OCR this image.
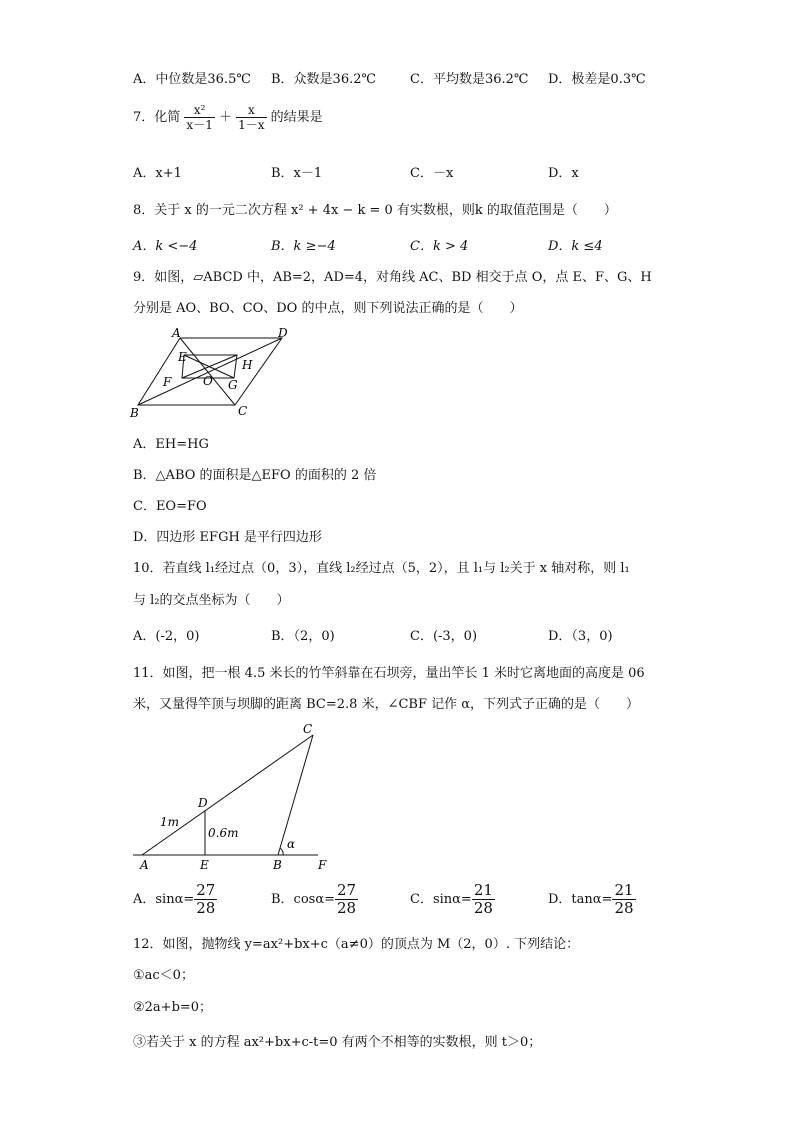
A．中位数是36.5℃ B．众数是36.2℃	C．平均数是36.2℃ D．极差是0.3℃
7．化简 $\frac{\text{x²}}{x-1} + \frac{x}{1-x}$ 的结果是
A．x+1	B．x－1	C．－x	D．x
8．关于 x 的一元二次方程 x² + 4x − k = 0 有实数根，则k 的取值范围是（　　）
A．k <−4	B．k ≥−4	C．k > 4	D．k ≤4
9．如图，▱ABCD 中，AB=2，AD=4，对角线 AC、BD 相交于点 O，点 E、F、G、H
分别是 AO、BO、CO、DO 的中点，则下列说法正确的是（　　）
A	D
B	C
E
H
F	O G
A．EH=HG
B．△ABO 的面积是△EFO 的面积的 2 倍
C．EO=FO
D．四边形 EFGH 是平行四边形
10．若直线 l₁经过点（0，3），直线 l₂经过点（5，2），且 l₁与 l₂关于 x 轴对称，则 l₁
与 l₂的交点坐标为（　　）
A．(-2，0)	B．（2，0)	C．(-3，0)	D．（3，0)
11．如图，把一根 4.5 米长的竹竿斜靠在石坝旁，量出竿长 1 米时它离地面的高度是 06
米，又量得竿顶与坝脚的距离 BC=2.8 米，∠CBF 记作 α，下列式子正确的是（　　）
C
D
A	E	B	F
1m
0.6m
α
A．$\sin\alpha= \frac{27}{28}$	B．$\cos\alpha= \frac{27}{28}$	C．$\sin\alpha= \frac{21}{28}$	D．$\tan\alpha= \frac{21}{28}$
12．如图，抛物线 y=ax²+bx+c（a≠0）的顶点为 M（2，0）. 下列结论：
①ac＜0；
②2a+b=0；
③若关于 x 的方程 ax²+bx+c-t=0 有两个不相等的实数根，则 t＞0；
